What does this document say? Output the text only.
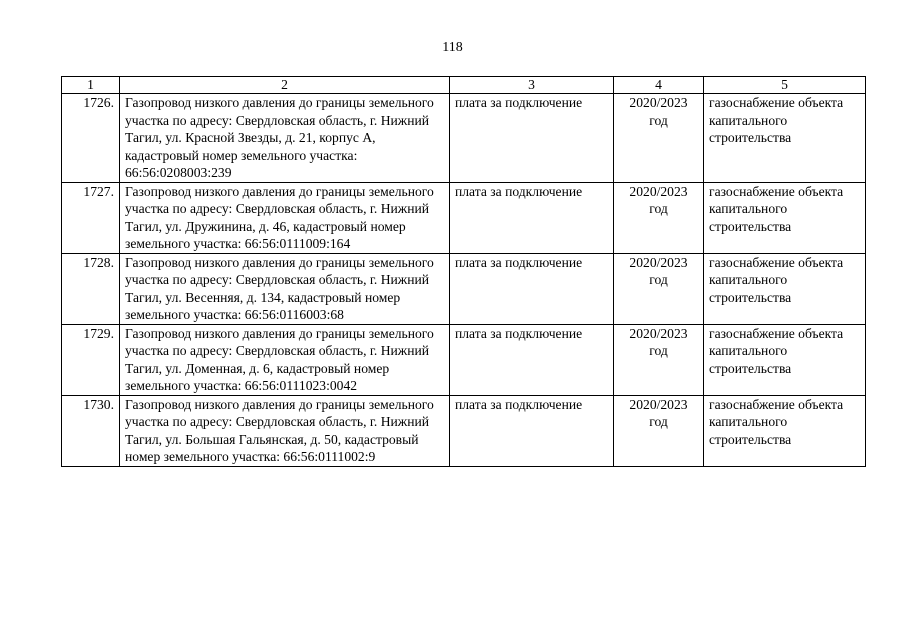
118
1	2	3	4	5
1726.	Газопровод низкого давления до границы земельного участка по адресу: Свердловская область, г. Нижний Тагил, ул. Красной Звезды, д. 21, корпус А, кадастровый номер земельного участка: 66:56:0208003:239	плата за подключение	2020/2023 год	газоснабжение объекта капитального строительства
1727.	Газопровод низкого давления до границы земельного участка по адресу: Свердловская область, г. Нижний Тагил, ул. Дружинина, д. 46, кадастровый номер земельного участка: 66:56:0111009:164	плата за подключение	2020/2023 год	газоснабжение объекта капитального строительства
1728.	Газопровод низкого давления до границы земельного участка по адресу: Свердловская область, г. Нижний Тагил, ул. Весенняя, д. 134, кадастровый номер земельного участка: 66:56:0116003:68	плата за подключение	2020/2023 год	газоснабжение объекта капитального строительства
1729.	Газопровод низкого давления до границы земельного участка по адресу: Свердловская область, г. Нижний Тагил, ул. Доменная, д. 6, кадастровый номер земельного участка: 66:56:0111023:0042	плата за подключение	2020/2023 год	газоснабжение объекта капитального строительства
1730.	Газопровод низкого давления до границы земельного участка по адресу: Свердловская область, г. Нижний Тагил, ул. Большая Гальянская, д. 50, кадастровый номер земельного участка: 66:56:0111002:9	плата за подключение	2020/2023 год	газоснабжение объекта капитального строительства
